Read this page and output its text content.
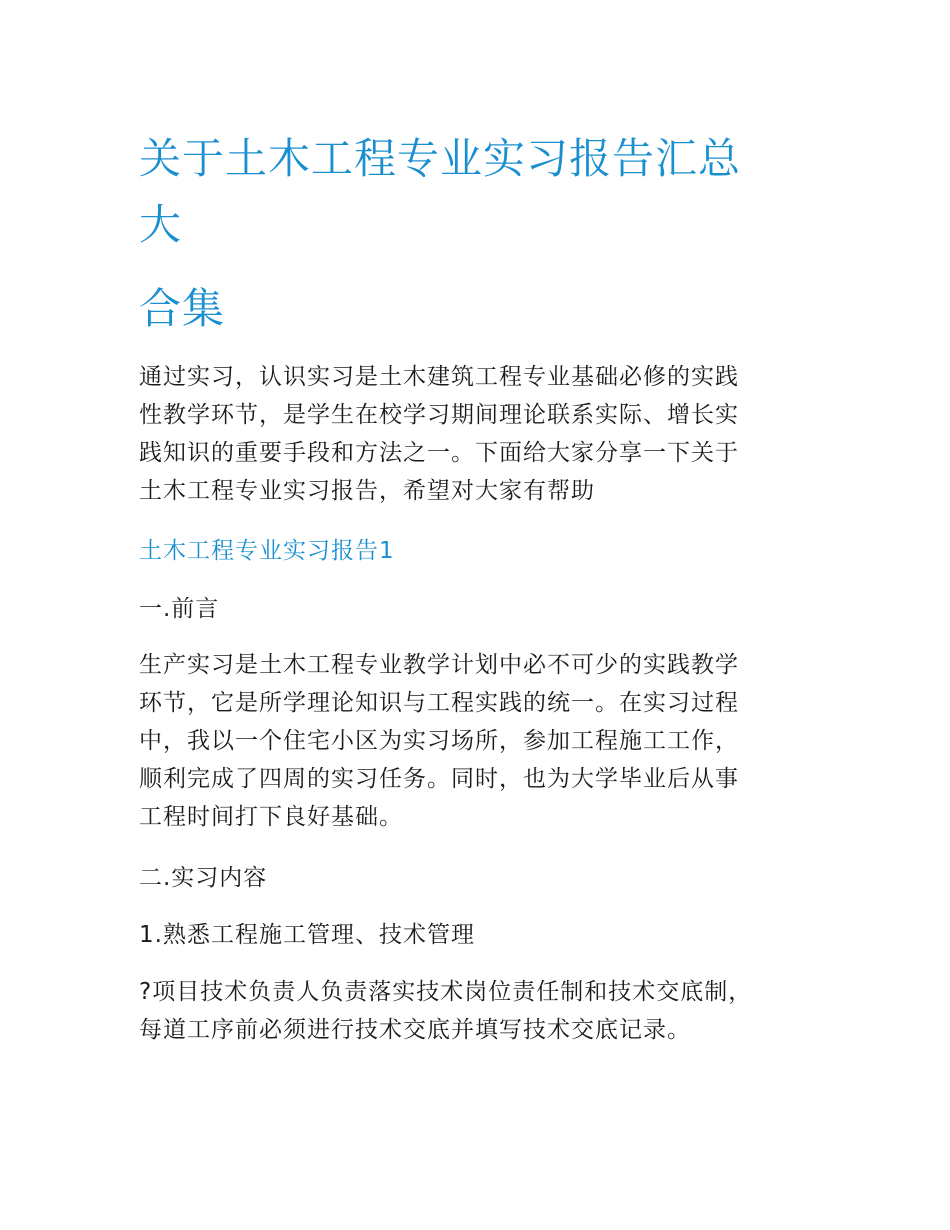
关于土木工程专业实习报告汇总
大
合集
通过实习，认识实习是土木建筑工程专业基础必修的实践
性教学环节，是学生在校学习期间理论联系实际、增长实
践知识的重要手段和方法之一。下面给大家分享一下关于
土木工程专业实习报告，希望对大家有帮助
土木工程专业实习报告1
一.前言
生产实习是土木工程专业教学计划中必不可少的实践教学
环节，它是所学理论知识与工程实践的统一。在实习过程
中，我以一个住宅小区为实习场所，参加工程施工工作，
顺利完成了四周的实习任务。同时，也为大学毕业后从事
工程时间打下良好基础。
二.实习内容
1.熟悉工程施工管理、技术管理
?项目技术负责人负责落实技术岗位责任制和技术交底制，
每道工序前必须进行技术交底并填写技术交底记录。
